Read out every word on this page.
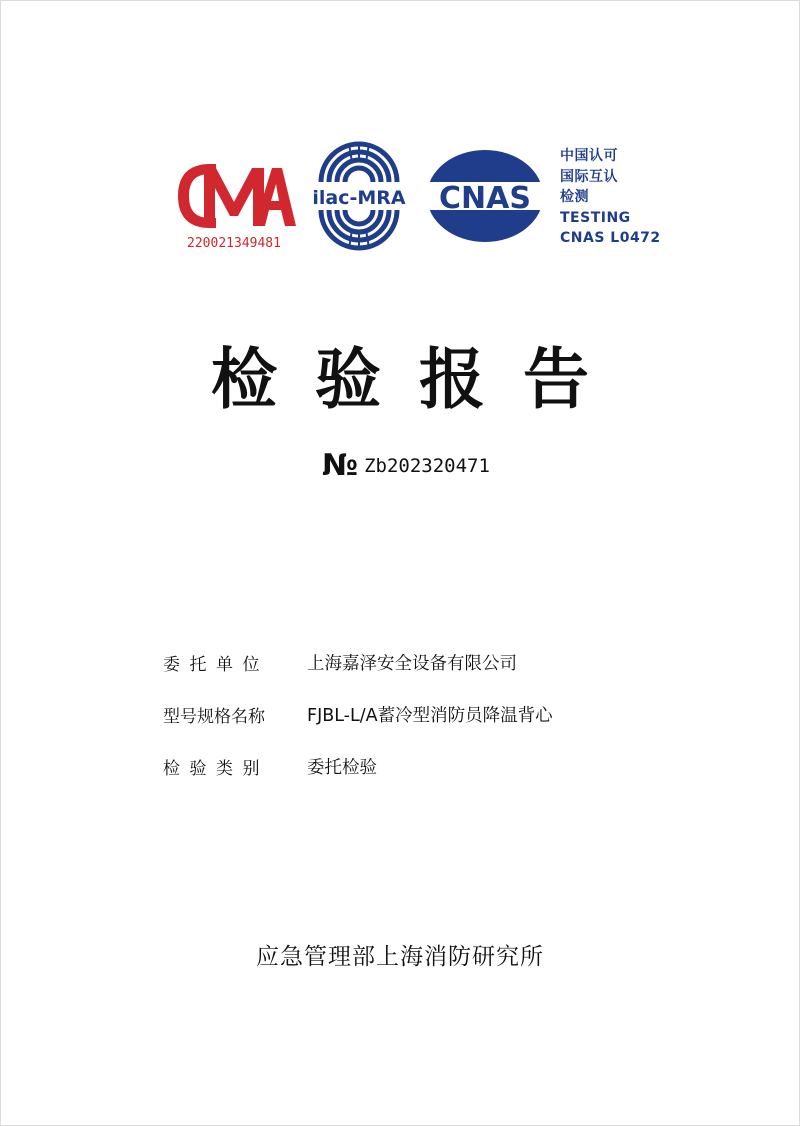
220021349481
ilac-MRA CNAS
中国认可
国际互认
检测
TESTING
CNAS L0472
检验报告
№ Zb202320471
委托单位	上海嘉泽安全设备有限公司
型号规格名称	FJBL-L/A蓄冷型消防员降温背心
检验类别	委托检验
应急管理部上海消防研究所
